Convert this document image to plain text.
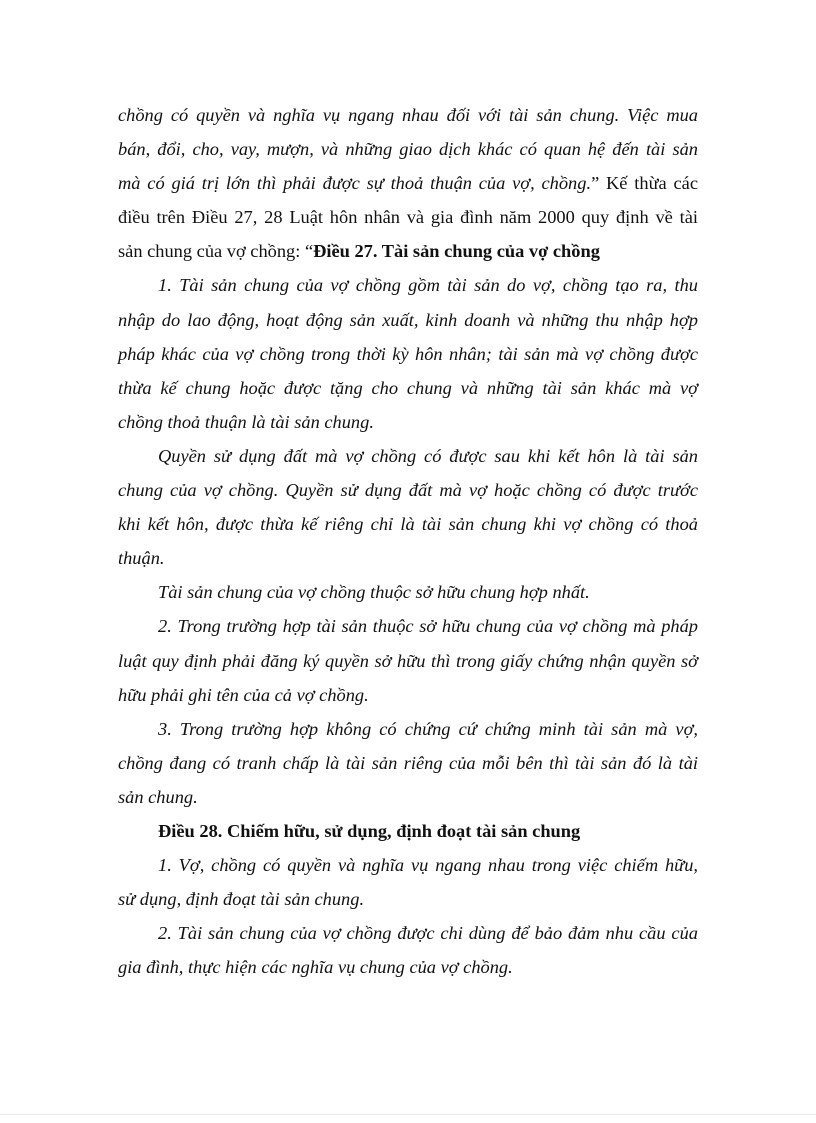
chồng có quyền và nghĩa vụ ngang nhau đối với tài sản chung. Việc mua
bán, đổi, cho, vay, mượn, và những giao dịch khác có quan hệ đến tài sản
mà có giá trị lớn thì phải được sự thoả thuận của vợ, chồng.” Kế thừa các
điều trên Điều 27, 28 Luật hôn nhân và gia đình năm 2000 quy định về tài
sản chung của vợ chồng: “Điều 27. Tài sản chung của vợ chồng
1. Tài sản chung của vợ chồng gồm tài sản do vợ, chồng tạo ra, thu
nhập do lao động, hoạt động sản xuất, kinh doanh và những thu nhập hợp
pháp khác của vợ chồng trong thời kỳ hôn nhân; tài sản mà vợ chồng được
thừa kế chung hoặc được tặng cho chung và những tài sản khác mà vợ
chồng thoả thuận là tài sản chung.
Quyền sử dụng đất mà vợ chồng có được sau khi kết hôn là tài sản
chung của vợ chồng. Quyền sử dụng đất mà vợ hoặc chồng có được trước
khi kết hôn, được thừa kế riêng chỉ là tài sản chung khi vợ chồng có thoả
thuận.
Tài sản chung của vợ chồng thuộc sở hữu chung hợp nhất.
2. Trong trường hợp tài sản thuộc sở hữu chung của vợ chồng mà pháp
luật quy định phải đăng ký quyền sở hữu thì trong giấy chứng nhận quyền sở
hữu phải ghi tên của cả vợ chồng.
3. Trong trường hợp không có chứng cứ chứng minh tài sản mà vợ,
chồng đang có tranh chấp là tài sản riêng của mỗi bên thì tài sản đó là tài
sản chung.
Điều 28. Chiếm hữu, sử dụng, định đoạt tài sản chung
1. Vợ, chồng có quyền và nghĩa vụ ngang nhau trong việc chiếm hữu,
sử dụng, định đoạt tài sản chung.
2. Tài sản chung của vợ chồng được chi dùng để bảo đảm nhu cầu của
gia đình, thực hiện các nghĩa vụ chung của vợ chồng.
